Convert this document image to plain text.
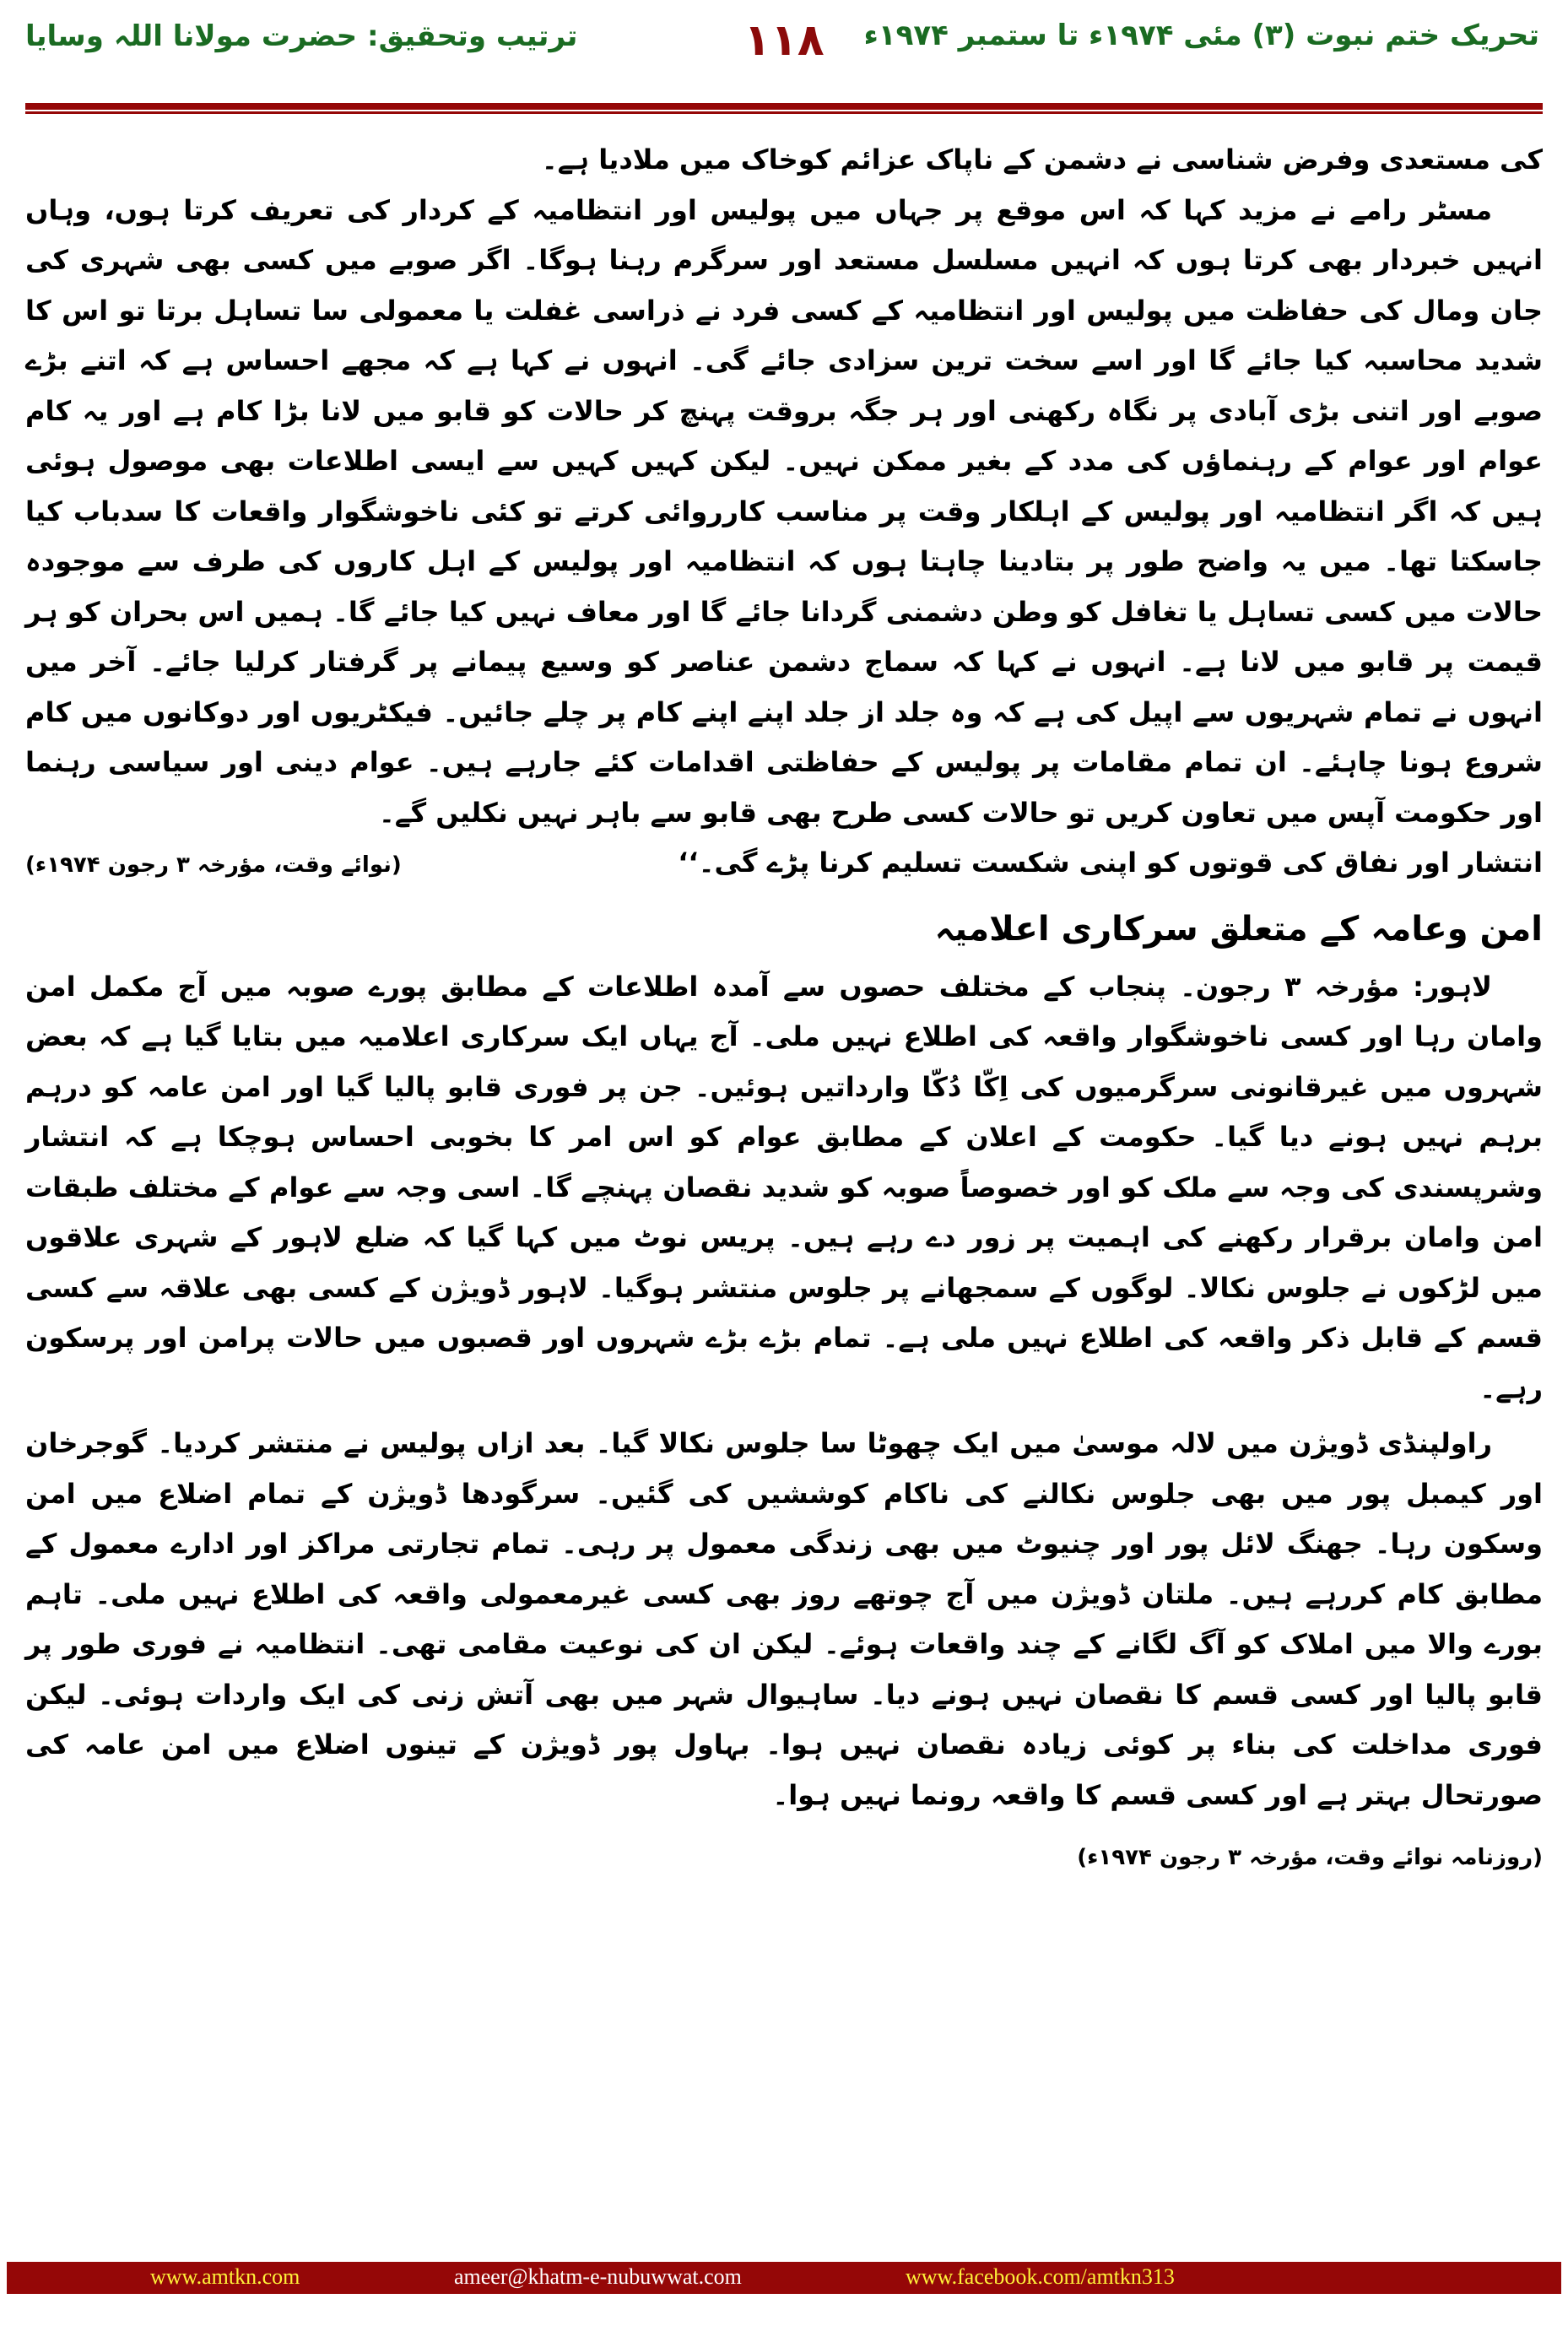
تحریک ختم نبوت (۳) مئی ۱۹۷۴ء تا ستمبر ۱۹۷۴ء
۱۱۸
ترتیب وتحقیق: حضرت مولانا اللہ وسایا

کی مستعدی وفرض شناسی نے دشمن کے ناپاک عزائم کوخاک میں ملادیا ہے۔

مسٹر رامے نے مزید کہا کہ اس موقع پر جہاں میں پولیس اور انتظامیہ کے کردار کی تعریف کرتا ہوں، وہاں انہیں خبردار بھی کرتا ہوں کہ انہیں مسلسل مستعد اور سرگرم رہنا ہوگا۔ اگر صوبے میں کسی بھی شہری کی جان ومال کی حفاظت میں پولیس اور انتظامیہ کے کسی فرد نے ذراسی غفلت یا معمولی سا تساہل برتا تو اس کا شدید محاسبہ کیا جائے گا اور اسے سخت ترین سزادی جائے گی۔ انہوں نے کہا ہے کہ مجھے احساس ہے کہ اتنے بڑے صوبے اور اتنی بڑی آبادی پر نگاہ رکھنی اور ہر جگہ بروقت پہنچ کر حالات کو قابو میں لانا بڑا کام ہے اور یہ کام عوام اور عوام کے رہنماؤں کی مدد کے بغیر ممکن نہیں۔ لیکن کہیں کہیں سے ایسی اطلاعات بھی موصول ہوئی ہیں کہ اگر انتظامیہ اور پولیس کے اہلکار وقت پر مناسب کارروائی کرتے تو کئی ناخوشگوار واقعات کا سدباب کیا جاسکتا تھا۔ میں یہ واضح طور پر بتادینا چاہتا ہوں کہ انتظامیہ اور پولیس کے اہل کاروں کی طرف سے موجودہ حالات میں کسی تساہل یا تغافل کو وطن دشمنی گردانا جائے گا اور معاف نہیں کیا جائے گا۔ ہمیں اس بحران کو ہر قیمت پر قابو میں لانا ہے۔ انہوں نے کہا کہ سماج دشمن عناصر کو وسیع پیمانے پر گرفتار کرلیا جائے۔ آخر میں انہوں نے تمام شہریوں سے اپیل کی ہے کہ وہ جلد از جلد اپنے اپنے کام پر چلے جائیں۔ فیکٹریوں اور دوکانوں میں کام شروع ہونا چاہئے۔ ان تمام مقامات پر پولیس کے حفاظتی اقدامات کئے جارہے ہیں۔ عوام دینی اور سیاسی رہنما اور حکومت آپس میں تعاون کریں تو حالات کسی طرح بھی قابو سے باہر نہیں نکلیں گے۔

انتشار اور نفاق کی قوتوں کو اپنی شکست تسلیم کرنا پڑے گی۔‘‘
(نوائے وقت، مؤرخہ ۳ رجون ۱۹۷۴ء)
امن وعامہ کے متعلق سرکاری اعلامیہ

لاہور: مؤرخہ ۳ رجون۔ پنجاب کے مختلف حصوں سے آمدہ اطلاعات کے مطابق پورے صوبہ میں آج مکمل امن وامان رہا اور کسی ناخوشگوار واقعہ کی اطلاع نہیں ملی۔ آج یہاں ایک سرکاری اعلامیہ میں بتایا گیا ہے کہ بعض شہروں میں غیرقانونی سرگرمیوں کی اِکّا دُکّا وارداتیں ہوئیں۔ جن پر فوری قابو پالیا گیا اور امن عامہ کو درہم برہم نہیں ہونے دیا گیا۔ حکومت کے اعلان کے مطابق عوام کو اس امر کا بخوبی احساس ہوچکا ہے کہ انتشار وشرپسندی کی وجہ سے ملک کو اور خصوصاً صوبہ کو شدید نقصان پہنچے گا۔ اسی وجہ سے عوام کے مختلف طبقات امن وامان برقرار رکھنے کی اہمیت پر زور دے رہے ہیں۔ پریس نوٹ میں کہا گیا کہ ضلع لاہور کے شہری علاقوں میں لڑکوں نے جلوس نکالا۔ لوگوں کے سمجھانے پر جلوس منتشر ہوگیا۔ لاہور ڈویژن کے کسی بھی علاقہ سے کسی قسم کے قابل ذکر واقعہ کی اطلاع نہیں ملی ہے۔ تمام بڑے بڑے شہروں اور قصبوں میں حالات پرامن اور پرسکون رہے۔

راولپنڈی ڈویژن میں لالہ موسیٰ میں ایک چھوٹا سا جلوس نکالا گیا۔ بعد ازاں پولیس نے منتشر کردیا۔ گوجرخان اور کیمبل پور میں بھی جلوس نکالنے کی ناکام کوششیں کی گئیں۔ سرگودھا ڈویژن کے تمام اضلاع میں امن وسکون رہا۔ جھنگ لائل پور اور چنیوٹ میں بھی زندگی معمول پر رہی۔ تمام تجارتی مراکز اور ادارے معمول کے مطابق کام کررہے ہیں۔ ملتان ڈویژن میں آج چوتھے روز بھی کسی غیرمعمولی واقعہ کی اطلاع نہیں ملی۔ تاہم بورے والا میں املاک کو آگ لگانے کے چند واقعات ہوئے۔ لیکن ان کی نوعیت مقامی تھی۔ انتظامیہ نے فوری طور پر قابو پالیا اور کسی قسم کا نقصان نہیں ہونے دیا۔ ساہیوال شہر میں بھی آتش زنی کی ایک واردات ہوئی۔ لیکن فوری مداخلت کی بناء پر کوئی زیادہ نقصان نہیں ہوا۔ بہاول پور ڈویژن کے تینوں اضلاع میں امن عامہ کی صورتحال بہتر ہے اور کسی قسم کا واقعہ رونما نہیں ہوا۔

(روزنامہ نوائے وقت، مؤرخہ ۳ رجون ۱۹۷۴ء)
www.amtkn.com	ameer@khatm-e-nubuwwat.com	www.facebook.com/amtkn313
